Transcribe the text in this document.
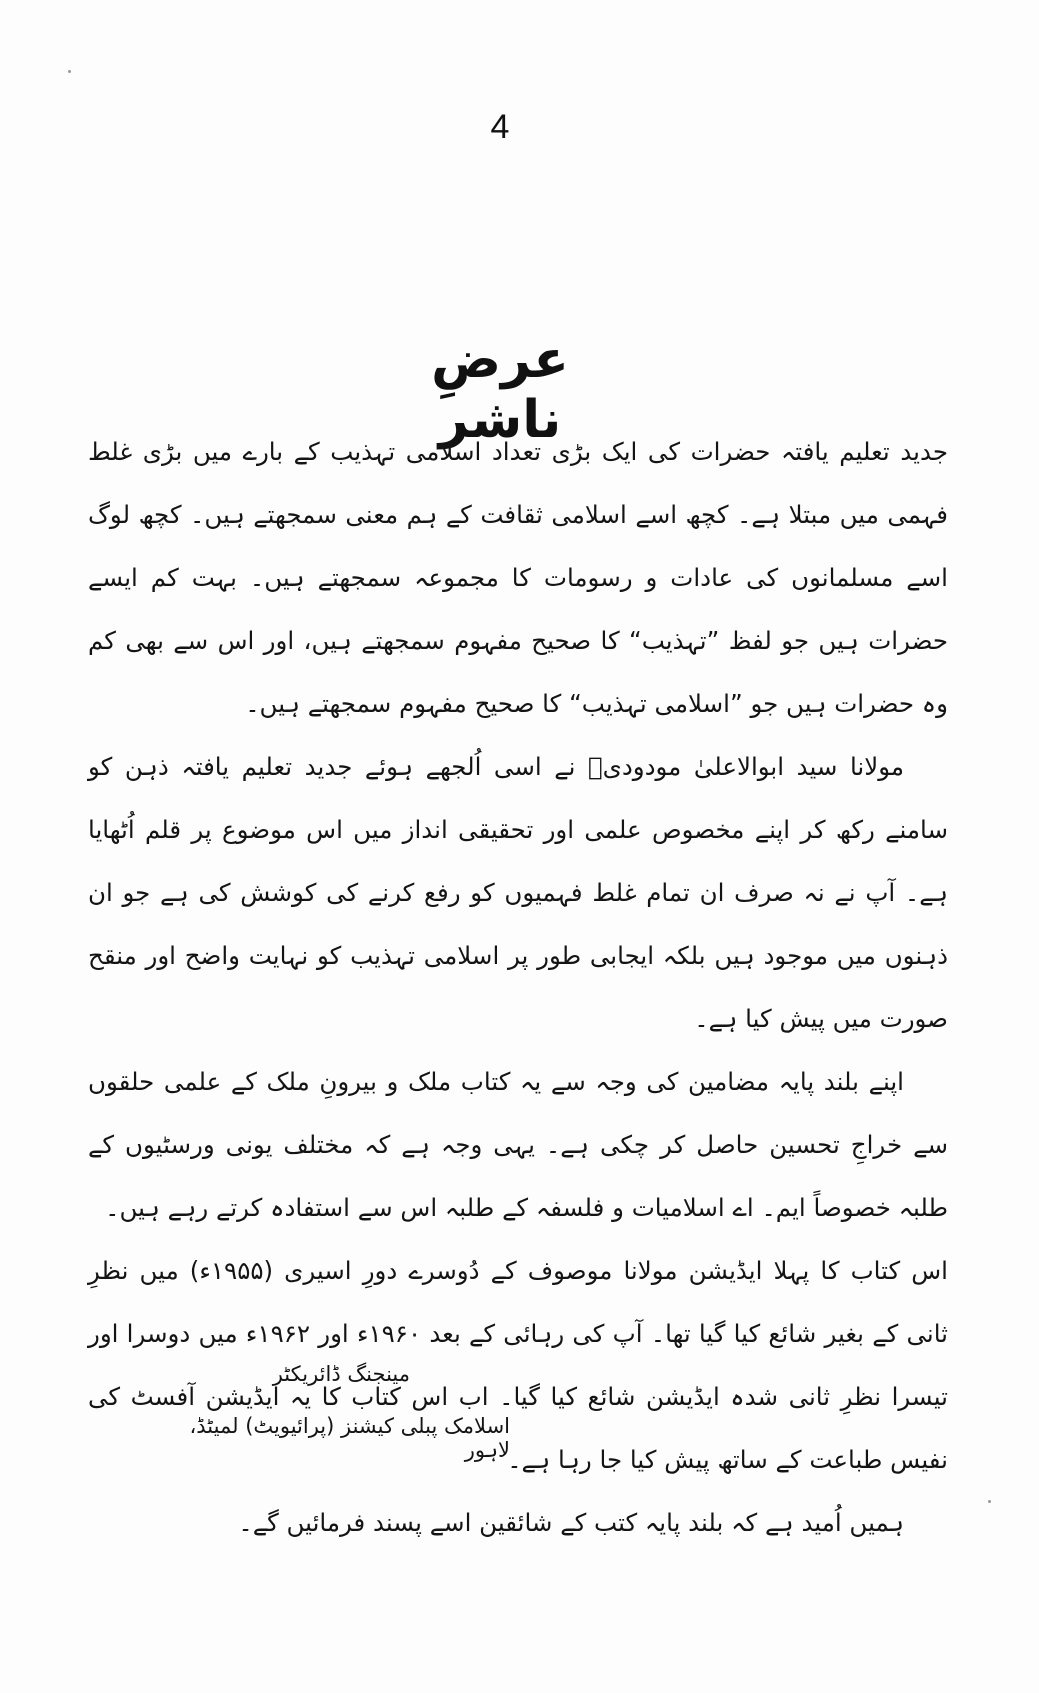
4
عرضِ ناشر

جدید تعلیم یافتہ حضرات کی ایک بڑی تعداد اسلامی تہذیب کے بارے میں بڑی غلط فہمی میں مبتلا ہے۔ کچھ اسے اسلامی ثقافت کے ہم معنی سمجھتے ہیں۔ کچھ لوگ اسے مسلمانوں کی عادات و رسومات کا مجموعہ سمجھتے ہیں۔ بہت کم ایسے حضرات ہیں جو لفظ ”تہذیب“ کا صحیح مفہوم سمجھتے ہیں، اور اس سے بھی کم وہ حضرات ہیں جو ”اسلامی تہذیب“ کا صحیح مفہوم سمجھتے ہیں۔

مولانا سید ابوالاعلیٰ مودودیؒ نے اسی اُلجھے ہوئے جدید تعلیم یافتہ ذہن کو سامنے رکھ کر اپنے مخصوص علمی اور تحقیقی انداز میں اس موضوع پر قلم اُٹھایا ہے۔ آپ نے نہ صرف ان تمام غلط فہمیوں کو رفع کرنے کی کوشش کی ہے جو ان ذہنوں میں موجود ہیں بلکہ ایجابی طور پر اسلامی تہذیب کو نہایت واضح اور منقح صورت میں پیش کیا ہے۔

اپنے بلند پایہ مضامین کی وجہ سے یہ کتاب ملک و بیرونِ ملک کے علمی حلقوں سے خراجِ تحسین حاصل کر چکی ہے۔ یہی وجہ ہے کہ مختلف یونی ورسٹیوں کے طلبہ خصوصاً ایم۔ اے اسلامیات و فلسفہ کے طلبہ اس سے استفادہ کرتے رہے ہیں۔

اس کتاب کا پہلا ایڈیشن مولانا موصوف کے دُوسرے دورِ اسیری (۱۹۵۵ء) میں نظرِ ثانی کے بغیر شائع کیا گیا تھا۔ آپ کی رہائی کے بعد ۱۹۶۰ء اور ۱۹۶۲ء میں دوسرا اور تیسرا نظرِ ثانی شدہ ایڈیشن شائع کیا گیا۔ اب اس کتاب کا یہ ایڈیشن آفسٹ کی نفیس طباعت کے ساتھ پیش کیا جا رہا ہے۔

ہمیں اُمید ہے کہ بلند پایہ کتب کے شائقین اسے پسند فرمائیں گے۔

مینجنگ ڈائریکٹر
اسلامک پبلی کیشنز (پرائیویٹ) لمیٹڈ، لاہور
